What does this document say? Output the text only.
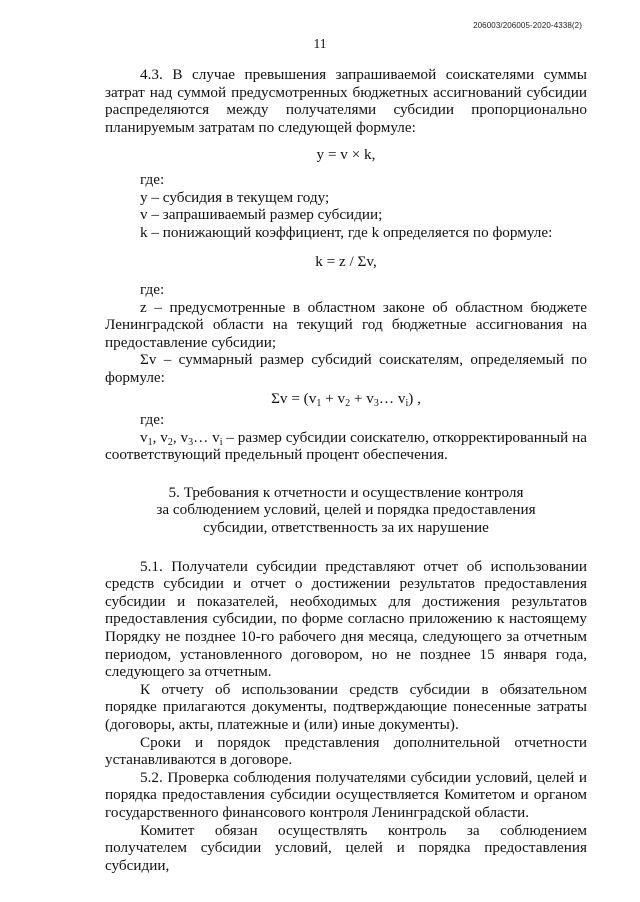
206003/206005-2020-4338(2)
11

4.3. В случае превышения запрашиваемой соискателями суммы затрат над суммой предусмотренных бюджетных ассигнований субсидии распределяются между получателями субсидии пропорционально планируемым затратам по следующей формуле:

y = v × k,

где:

y – субсидия в текущем году;

v – запрашиваемый размер субсидии;

k – понижающий коэффициент, где k определяется по формуле:

k = z / Σv,

где:

z – предусмотренные в областном законе об областном бюджете Ленинградской области на текущий год бюджетные ассигнования на предоставление субсидии;

Σv – суммарный размер субсидий соискателям, определяемый по формуле:

$\Sigma v = (v_1 + v_2$ + $v_3\dots$ $v_i$) ,

где:

$v_1$, $v_2$, $v_3\dots$ $v_i$ – размер субсидии соискателю, откорректированный на соответствующий предельный процент обеспечения.

5. Требования к отчетности и осуществление контроля

за соблюдением условий, целей и порядка предоставления

субсидии, ответственность за их нарушение

5.1. Получатели субсидии представляют отчет об использовании средств субсидии и отчет о достижении результатов предоставления субсидии и показателей, необходимых для достижения результатов предоставления субсидии, по форме согласно приложению к настоящему Порядку не позднее 10-го рабочего дня месяца, следующего за отчетным периодом, установленного договором, но не позднее 15 января года, следующего за отчетным.

К отчету об использовании средств субсидии в обязательном порядке прилагаются документы, подтверждающие понесенные затраты (договоры, акты, платежные и (или) иные документы).

Сроки и порядок представления дополнительной отчетности устанавливаются в договоре.

5.2. Проверка соблюдения получателями субсидии условий, целей и порядка предоставления субсидии осуществляется Комитетом и органом государственного финансового контроля Ленинградской области.

Комитет обязан осуществлять контроль за соблюдением получателем субсидии условий, целей и порядка предоставления субсидии,
